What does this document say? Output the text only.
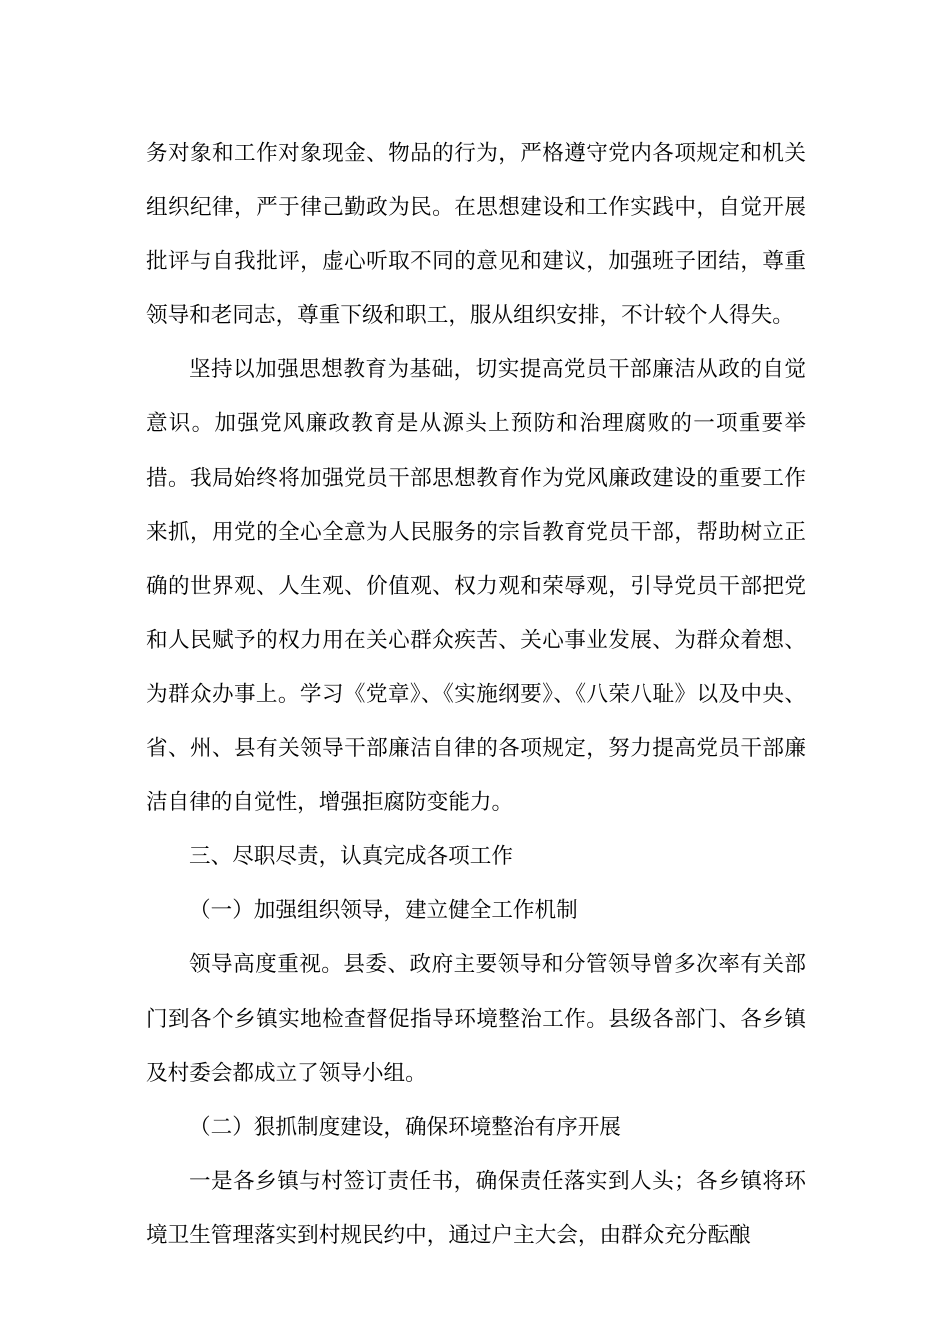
务对象和工作对象现金、物品的行为，严格遵守党内各项规定和机关组织纪律，严于律己勤政为民。在思想建设和工作实践中，自觉开展批评与自我批评，虚心听取不同的意见和建议，加强班子团结，尊重领导和老同志，尊重下级和职工，服从组织安排，不计较个人得失。

坚持以加强思想教育为基础，切实提高党员干部廉洁从政的自觉意识。加强党风廉政教育是从源头上预防和治理腐败的一项重要举措。我局始终将加强党员干部思想教育作为党风廉政建设的重要工作来抓，用党的全心全意为人民服务的宗旨教育党员干部，帮助树立正确的世界观、人生观、价值观、权力观和荣辱观，引导党员干部把党和人民赋予的权力用在关心群众疾苦、关心事业发展、为群众着想、为群众办事上。学习《党章》、《实施纲要》、《八荣八耻》以及中央、省、州、县有关领导干部廉洁自律的各项规定，努力提高党员干部廉洁自律的自觉性，增强拒腐防变能力。

三、尽职尽责，认真完成各项工作

（一）加强组织领导，建立健全工作机制

领导高度重视。县委、政府主要领导和分管领导曾多次率有关部门到各个乡镇实地检查督促指导环境整治工作。县级各部门、各乡镇及村委会都成立了领导小组。

（二）狠抓制度建设，确保环境整治有序开展

一是各乡镇与村签订责任书，确保责任落实到人头；各乡镇将环境卫生管理落实到村规民约中，通过户主大会，由群众充分酝酿
